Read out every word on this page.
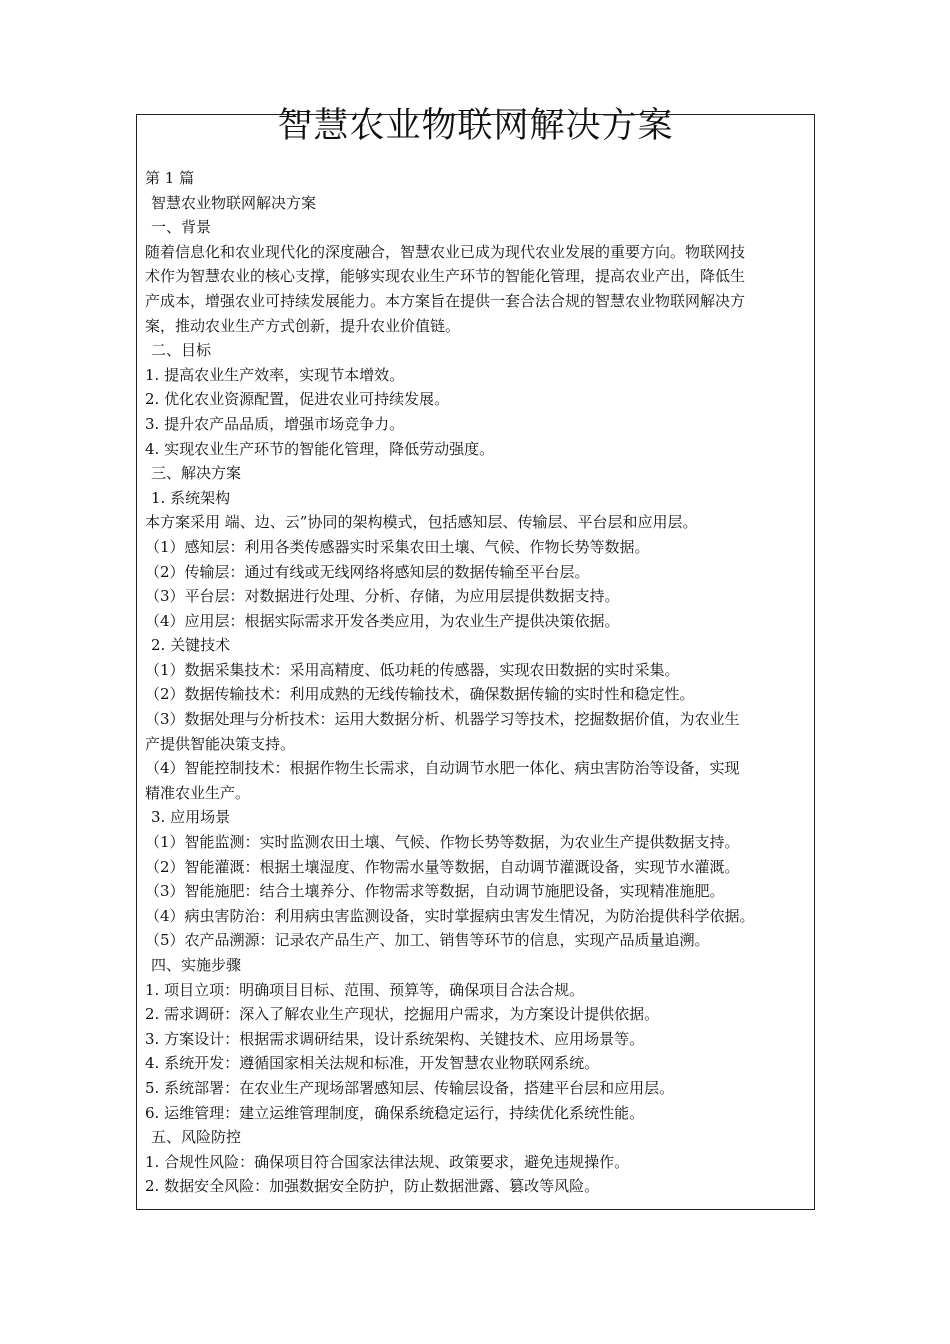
智慧农业物联网解决方案
第 1 篇
智慧农业物联网解决方案
一、背景
随着信息化和农业现代化的深度融合，智慧农业已成为现代农业发展的重要方向。物联网技
术作为智慧农业的核心支撑，能够实现农业生产环节的智能化管理，提高农业产出，降低生
产成本，增强农业可持续发展能力。本方案旨在提供一套合法合规的智慧农业物联网解决方
案，推动农业生产方式创新，提升农业价值链。
二、目标
1. 提高农业生产效率，实现节本增效。
2. 优化农业资源配置，促进农业可持续发展。
3. 提升农产品品质，增强市场竞争力。
4. 实现农业生产环节的智能化管理，降低劳动强度。
三、解决方案
1. 系统架构
本方案采用 端、边、云”协同的架构模式，包括感知层、传输层、平台层和应用层。
（1）感知层：利用各类传感器实时采集农田土壤、气候、作物长势等数据。
（2）传输层：通过有线或无线网络将感知层的数据传输至平台层。
（3）平台层：对数据进行处理、分析、存储，为应用层提供数据支持。
（4）应用层：根据实际需求开发各类应用，为农业生产提供决策依据。
2. 关键技术
（1）数据采集技术：采用高精度、低功耗的传感器，实现农田数据的实时采集。
（2）数据传输技术：利用成熟的无线传输技术，确保数据传输的实时性和稳定性。
（3）数据处理与分析技术：运用大数据分析、机器学习等技术，挖掘数据价值，为农业生
产提供智能决策支持。
（4）智能控制技术：根据作物生长需求，自动调节水肥一体化、病虫害防治等设备，实现
精准农业生产。
3. 应用场景
（1）智能监测：实时监测农田土壤、气候、作物长势等数据，为农业生产提供数据支持。
（2）智能灌溉：根据土壤湿度、作物需水量等数据，自动调节灌溉设备，实现节水灌溉。
（3）智能施肥：结合土壤养分、作物需求等数据，自动调节施肥设备，实现精准施肥。
（4）病虫害防治：利用病虫害监测设备，实时掌握病虫害发生情况，为防治提供科学依据。
（5）农产品溯源：记录农产品生产、加工、销售等环节的信息，实现产品质量追溯。
四、实施步骤
1. 项目立项：明确项目目标、范围、预算等，确保项目合法合规。
2. 需求调研：深入了解农业生产现状，挖掘用户需求，为方案设计提供依据。
3. 方案设计：根据需求调研结果，设计系统架构、关键技术、应用场景等。
4. 系统开发：遵循国家相关法规和标准，开发智慧农业物联网系统。
5. 系统部署：在农业生产现场部署感知层、传输层设备，搭建平台层和应用层。
6. 运维管理：建立运维管理制度，确保系统稳定运行，持续优化系统性能。
五、风险防控
1. 合规性风险：确保项目符合国家法律法规、政策要求，避免违规操作。
2. 数据安全风险：加强数据安全防护，防止数据泄露、篡改等风险。
